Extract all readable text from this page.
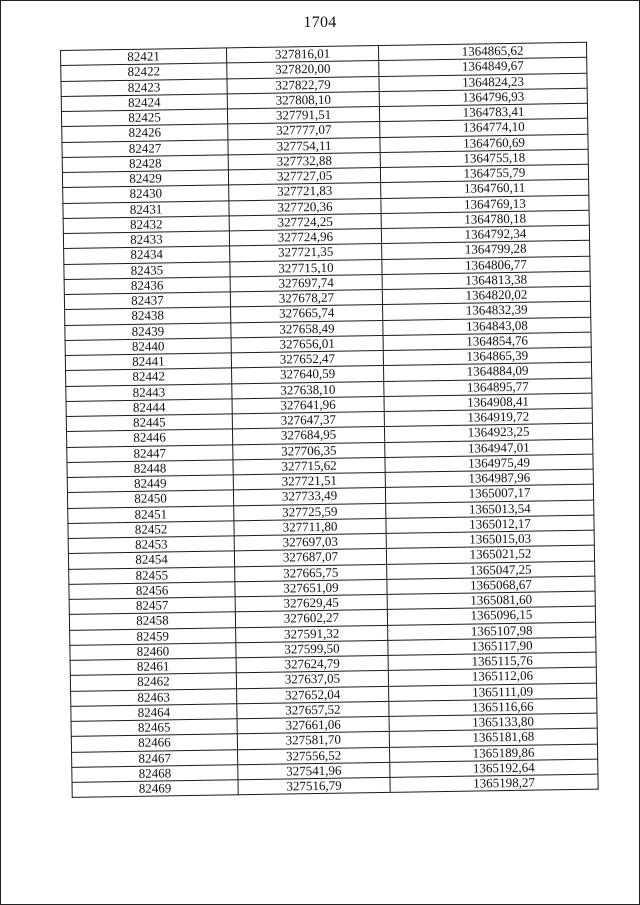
1704
82421	327816,01	1364865,62
82422	327820,00	1364849,67
82423	327822,79	1364824,23
82424	327808,10	1364796,93
82425	327791,51	1364783,41
82426	327777,07	1364774,10
82427	327754,11	1364760,69
82428	327732,88	1364755,18
82429	327727,05	1364755,79
82430	327721,83	1364760,11
82431	327720,36	1364769,13
82432	327724,25	1364780,18
82433	327724,96	1364792,34
82434	327721,35	1364799,28
82435	327715,10	1364806,77
82436	327697,74	1364813,38
82437	327678,27	1364820,02
82438	327665,74	1364832,39
82439	327658,49	1364843,08
82440	327656,01	1364854,76
82441	327652,47	1364865,39
82442	327640,59	1364884,09
82443	327638,10	1364895,77
82444	327641,96	1364908,41
82445	327647,37	1364919,72
82446	327684,95	1364923,25
82447	327706,35	1364947,01
82448	327715,62	1364975,49
82449	327721,51	1364987,96
82450	327733,49	1365007,17
82451	327725,59	1365013,54
82452	327711,80	1365012,17
82453	327697,03	1365015,03
82454	327687,07	1365021,52
82455	327665,75	1365047,25
82456	327651,09	1365068,67
82457	327629,45	1365081,60
82458	327602,27	1365096,15
82459	327591,32	1365107,98
82460	327599,50	1365117,90
82461	327624,79	1365115,76
82462	327637,05	1365112,06
82463	327652,04	1365111,09
82464	327657,52	1365116,66
82465	327661,06	1365133,80
82466	327581,70	1365181,68
82467	327556,52	1365189,86
82468	327541,96	1365192,64
82469	327516,79	1365198,27
